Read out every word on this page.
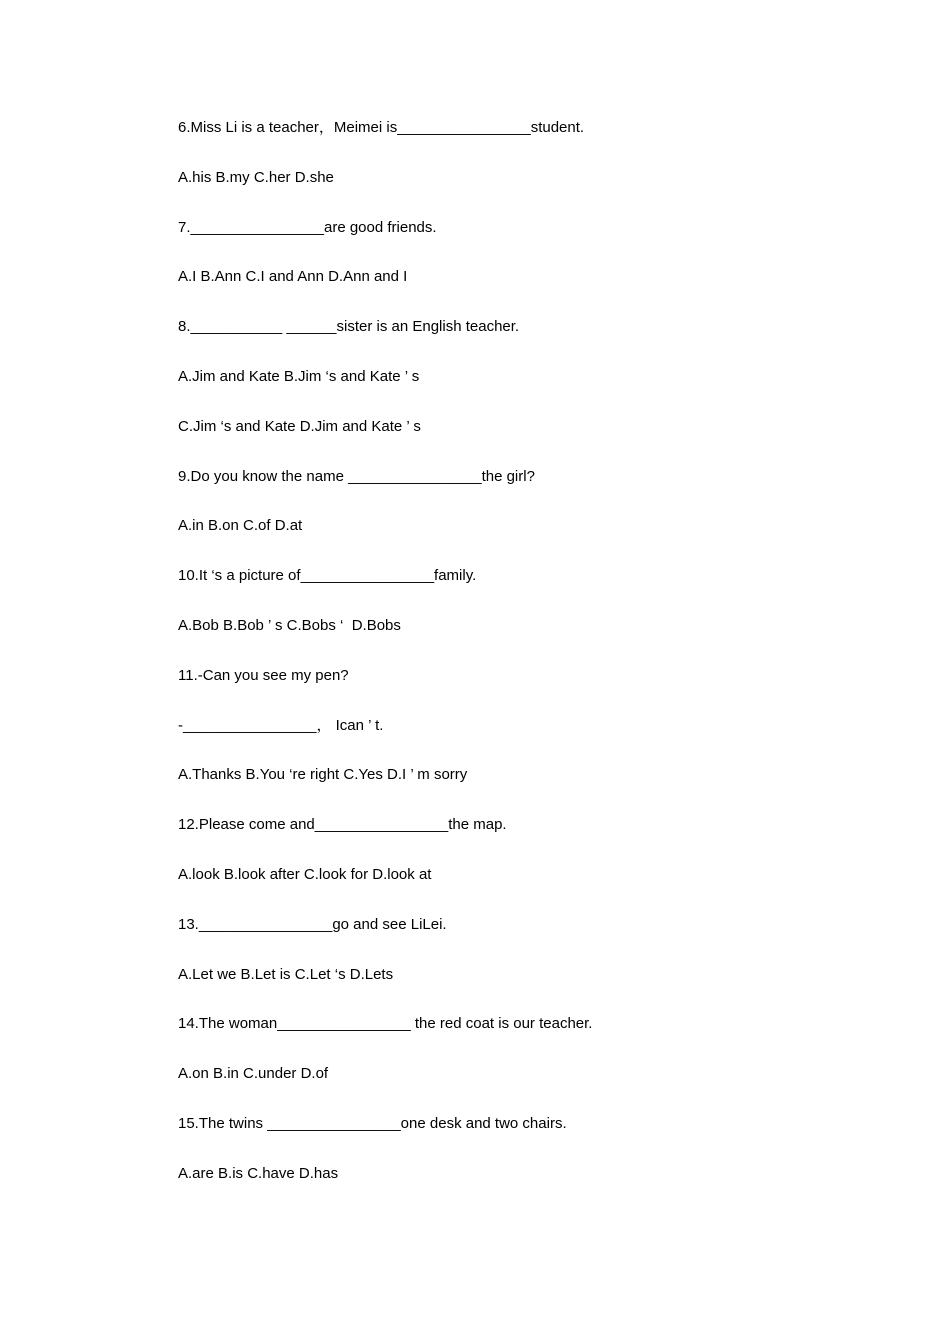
6.Miss Li is a teacher，Meimei is________________student.

A.his B.my C.her D.she

7.________________are good friends.

A.I B.Ann C.I and Ann D.Ann and I

8.___________ ______sister is an English teacher.

A.Jim and Kate B.Jim ‘s and Kate ’ s

C.Jim ‘s and Kate D.Jim and Kate ’ s

9.Do you know the name ________________the girl?

A.in B.on C.of D.at

10.It ‘s a picture of________________family.

A.Bob B.Bob ’ s C.Bobs ‘  D.Bobs

11.-Can you see my pen?

-________________， Ican ’ t.

A.Thanks B.You ‘re right C.Yes D.I ’ m sorry

12.Please come and________________the map.

A.look B.look after C.look for D.look at

13.________________go and see LiLei.

A.Let we B.Let is C.Let ‘s D.Lets

14.The woman________________ the red coat is our teacher.

A.on B.in C.under D.of

15.The twins ________________one desk and two chairs.

A.are B.is C.have D.has
